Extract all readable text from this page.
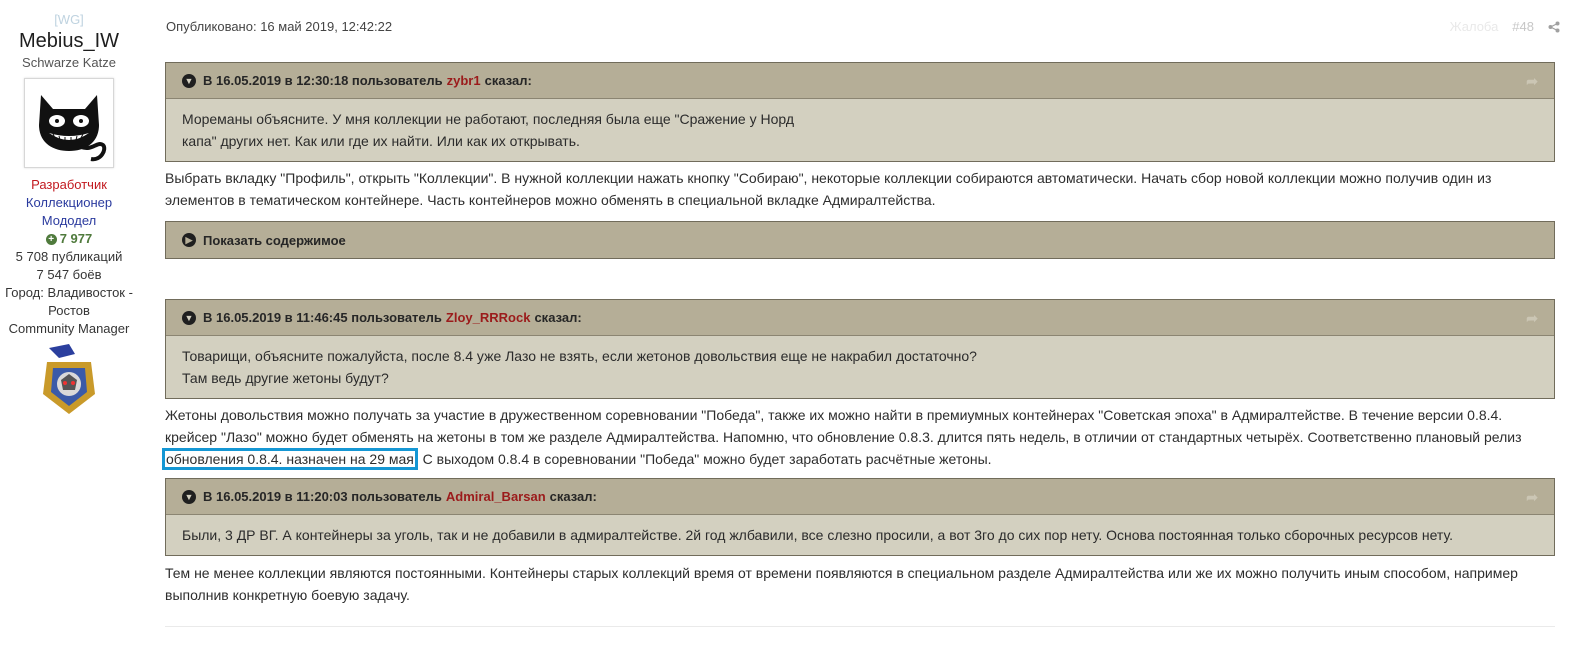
[WG]
Mebius_IW
Schwarze Katze
Разработчик
Коллекционер
Мододел
+ 7 977
5 708 публикаций
7 547 боёв
Город: Владивосток -
Ростов
Community Manager
Опубликовано: 16 май 2019, 12:42:22	Жалоба #48
▼ В 16.05.2019 в 12:30:18 пользователь zybr1 сказал:	➦
Мореманы объясните. У мня коллекции не работают, последняя была еще "Сражение у Норд
капа" других нет. Как или где их найти. Или как их открывать.
Выбрать вкладку "Профиль", открыть "Коллекции". В нужной коллекции нажать кнопку "Собираю", некоторые коллекции собираются автоматически. Начать сбор новой коллекции можно получив один из элементов в тематическом контейнере. Часть контейнеров можно обменять в специальной вкладке Адмиралтейства.
▶ Показать содержимое
▼ В 16.05.2019 в 11:46:45 пользователь Zloy_RRRock сказал:	➦
Товарищи, объясните пожалуйста, после 8.4 уже Лазо не взять, если жетонов довольствия еще не накрабил достаточно?
Там ведь другие жетоны будут?
Жетоны довольствия можно получать за участие в дружественном соревновании "Победа", также их можно найти в премиумных контейнерах "Советская эпоха" в Адмиралтействе. В течение версии 0.8.4. крейсер "Лазо" можно будет обменять на жетоны в том же разделе Адмиралтейства. Напомню, что обновление 0.8.3. длится пять недель, в отличии от стандартных четырёх. Соответственно плановый релиз обновления 0.8.4. назначен на 29 мая. С выходом 0.8.4 в соревновании "Победа" можно будет заработать расчётные жетоны.
▼ В 16.05.2019 в 11:20:03 пользователь Admiral_Barsan сказал:	➦
Были, 3 ДР ВГ. А контейнеры за уголь, так и не добавили в адмиралтействе. 2й год жлбавили, все слезно просили, а вот 3го до сих пор нету. Основа постоянная только сборочных ресурсов нету.
Тем не менее коллекции являются постоянными. Контейнеры старых коллекций время от времени появляются в специальном разделе Адмиралтейства или же их можно получить иным способом, например выполнив конкретную боевую задачу.
